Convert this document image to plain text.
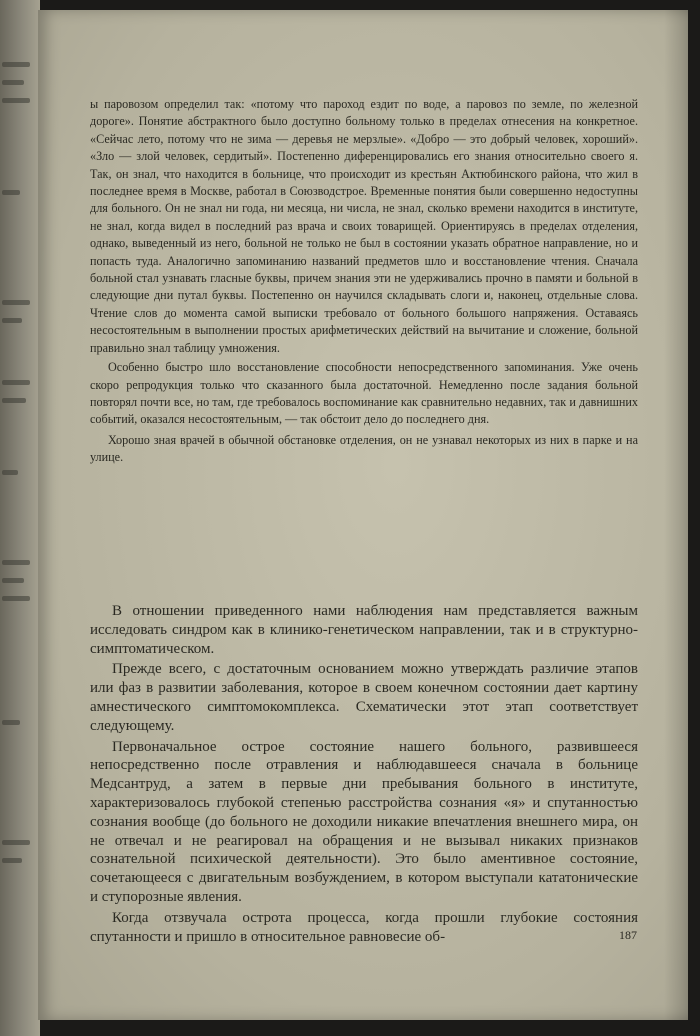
ы паровозом определил так: «потому что пароход ездит по воде, а паровоз по земле, по железной дороге». Понятие абстрактного было доступно больному только в пределах отнесения на конкретное. «Сейчас лето, потому что не зима — деревья не мерзлые». «Добро — это добрый человек, хороший». «Зло — злой человек, сердитый». Постепенно диференцировались его знания относительно своего я. Так, он знал, что находится в больнице, что происходит из крестьян Актюбинского района, что жил в последнее время в Москве, работал в Союзводстрое. Временные понятия были совершенно недоступны для больного. Он не знал ни года, ни месяца, ни числа, не знал, сколько времени находится в институте, не знал, когда видел в последний раз врача и своих товарищей. Ориентируясь в пределах отделения, однако, выведенный из него, больной не только не был в состоянии указать обратное направление, но и попасть туда. Аналогично запоминанию названий предметов шло и восстановление чтения. Сначала больной стал узнавать гласные буквы, причем знания эти не удерживались прочно в памяти и больной в следующие дни путал буквы. Постепенно он научился складывать слоги и, наконец, отдельные слова. Чтение слов до момента самой выписки требовало от больного большого напряжения. Оставаясь несостоятельным в выполнении простых арифметических действий на вычитание и сложение, больной правильно знал таблицу умножения.

Особенно быстро шло восстановление способности непосредственного запоминания. Уже очень скоро репродукция только что сказанного была достаточной. Немедленно после задания больной повторял почти все, но там, где требовалось воспоминание как сравнительно недавних, так и давнишних событий, оказался несостоятельным, — так обстоит дело до последнего дня.

Хорошо зная врачей в обычной обстановке отделения, он не узнавал некоторых из них в парке и на улице.

В отношении приведенного нами наблюдения нам представляется важным исследовать синдром как в клинико-генетическом направлении, так и в структурно-симптоматическом.

Прежде всего, с достаточным основанием можно утверждать различие этапов или фаз в развитии заболевания, которое в своем конечном состоянии дает картину амнестического симптомокомплекса. Схематически этот этап соответствует следующему.

Первоначальное острое состояние нашего больного, развившееся непосредственно после отравления и наблюдавшееся сначала в больнице Медсантруд, а затем в первые дни пребывания больного в институте, характеризовалось глубокой степенью расстройства сознания «я» и спутанностью сознания вообще (до больного не доходили никакие впечатления внешнего мира, он не отвечал и не реагировал на обращения и не вызывал никаких признаков сознательной психической деятельности). Это было аментивное состояние, сочетающееся с двигательным возбуждением, в котором выступали кататонические и ступорозные явления.

Когда отзвучала острота процесса, когда прошли глубокие состояния спутанности и пришло в относительное равновесие об-	187
